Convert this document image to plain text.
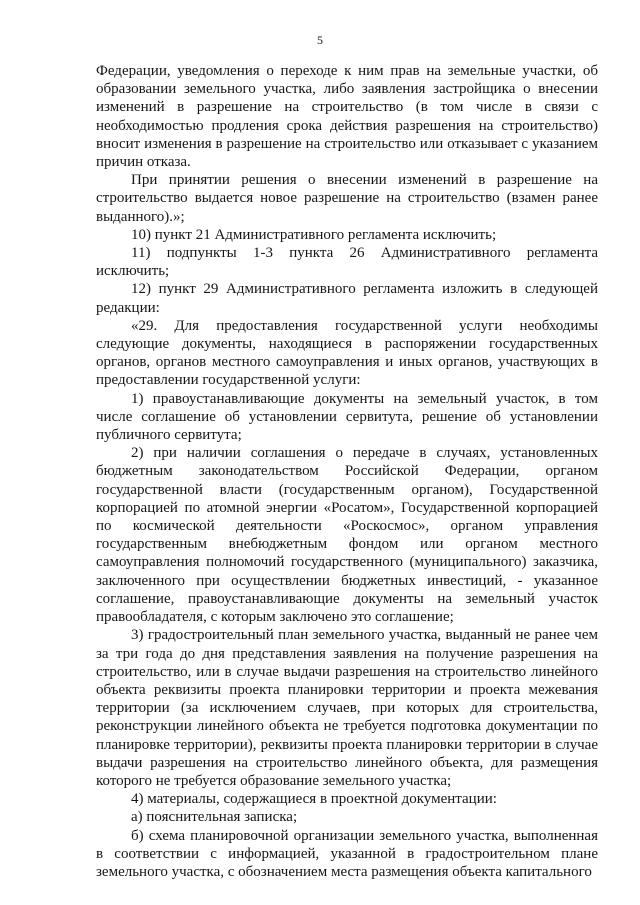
5

Федерации, уведомления о переходе к ним прав на земельные участки, об образовании земельного участка, либо заявления застройщика о внесении изменений в разрешение на строительство (в том числе в связи с необходимостью продления срока действия разрешения на строительство) вносит изменения в разрешение на строительство или отказывает с указанием причин отказа.

При принятии решения о внесении изменений в разрешение на строительство выдается новое разрешение на строительство (взамен ранее выданного).»;

10) пункт 21 Административного регламента исключить;

11) подпункты 1-3 пункта 26 Административного регламента исключить;

12) пункт 29 Административного регламента изложить в следующей редакции:

«29. Для предоставления государственной услуги необходимы следующие документы, находящиеся в распоряжении государственных органов, органов местного самоуправления и иных органов, участвующих в предоставлении государственной услуги:

1) правоустанавливающие документы на земельный участок, в том числе соглашение об установлении сервитута, решение об установлении публичного сервитута;

2) при наличии соглашения о передаче в случаях, установленных бюджетным законодательством Российской Федерации, органом государственной власти (государственным органом), Государственной корпорацией по атомной энергии «Росатом», Государственной корпорацией по космической деятельности «Роскосмос», органом управления государственным внебюджетным фондом или органом местного самоуправления полномочий государственного (муниципального) заказчика, заключенного при осуществлении бюджетных инвестиций, - указанное соглашение, правоустанавливающие документы на земельный участок правообладателя, с которым заключено это соглашение;

3) градостроительный план земельного участка, выданный не ранее чем за три года до дня представления заявления на получение разрешения на строительство, или в случае выдачи разрешения на строительство линейного объекта реквизиты проекта планировки территории и проекта межевания территории (за исключением случаев, при которых для строительства, реконструкции линейного объекта не требуется подготовка документации по планировке территории), реквизиты проекта планировки территории в случае выдачи разрешения на строительство линейного объекта, для размещения которого не требуется образование земельного участка;

4) материалы, содержащиеся в проектной документации:

а) пояснительная записка;

б) схема планировочной организации земельного участка, выполненная в соответствии с информацией, указанной в градостроительном плане земельного участка, с обозначением места размещения объекта капитального
